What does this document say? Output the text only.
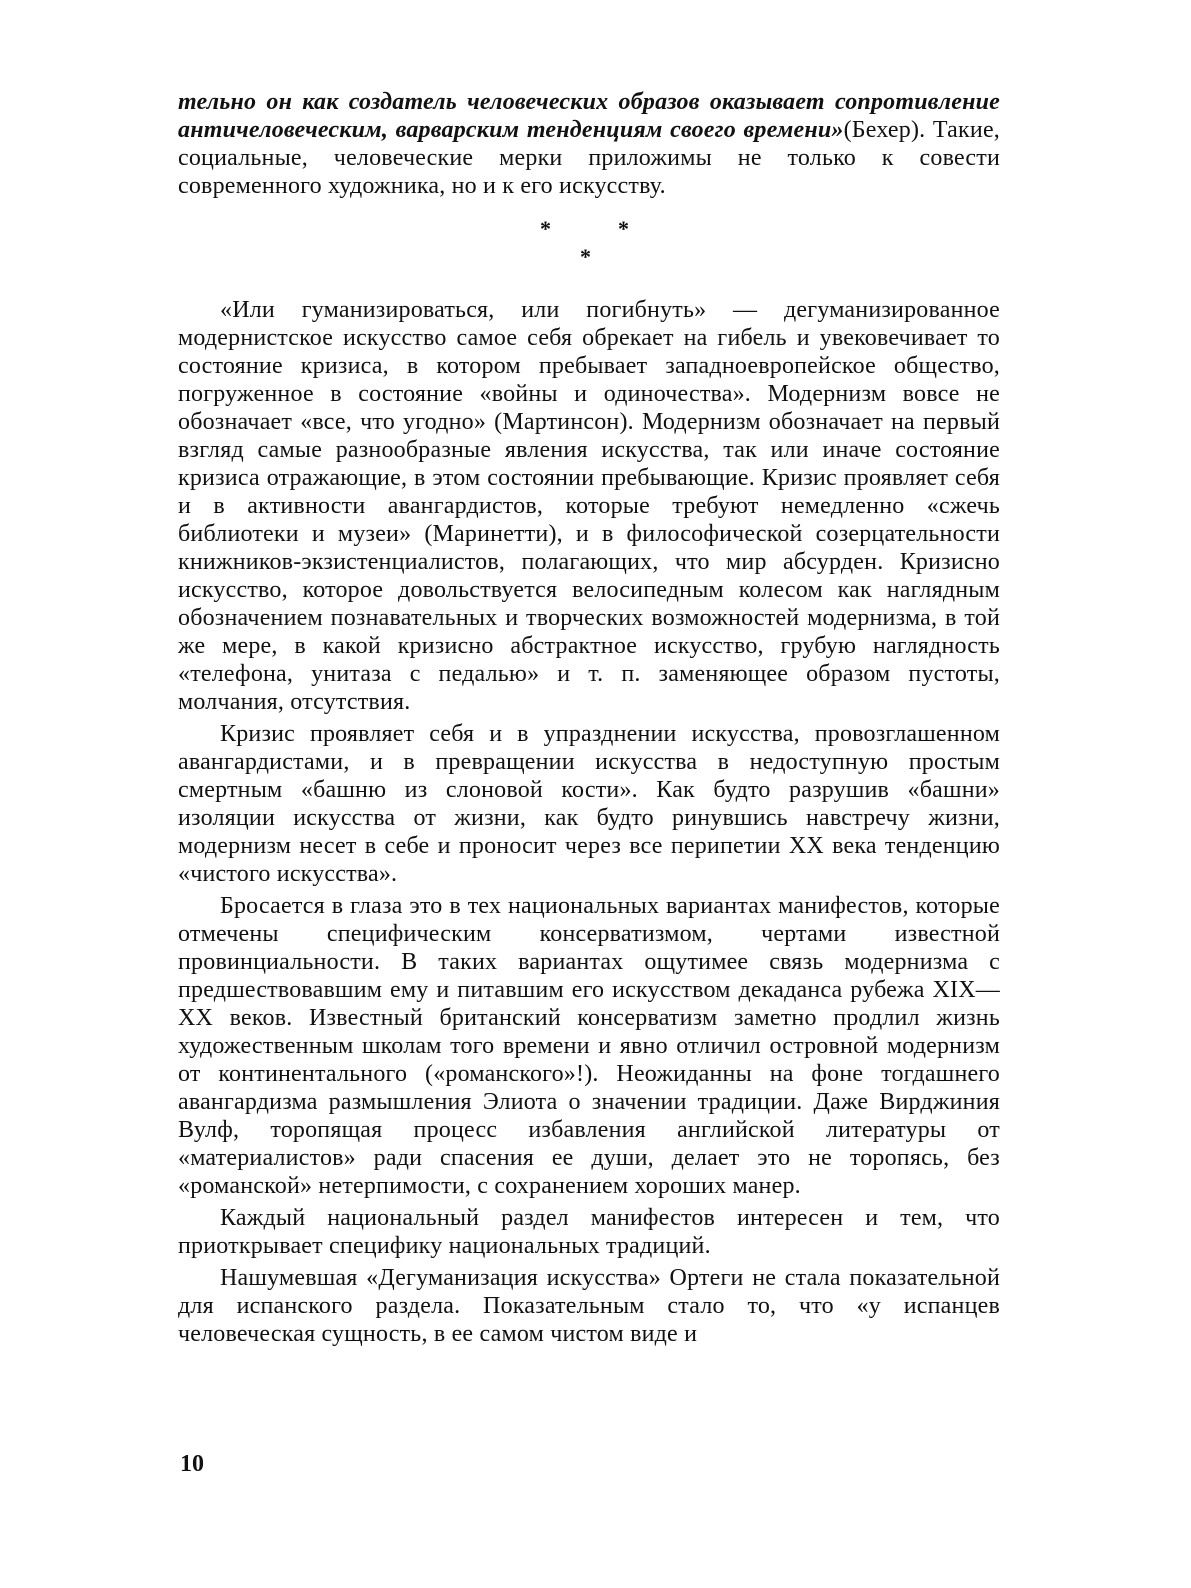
тельно он как создатель человеческих образов оказывает сопротивление античеловеческим, варварским тенденциям своего времени»(Бехер). Такие, социальные, человеческие мерки приложимы не только к совести современного художника, но и к его искусству.

*	*
*

«Или гуманизироваться, или погибнуть» — дегуманизированное модернистское искусство самое себя обрекает на гибель и увековечивает то состояние кризиса, в котором пребывает западноевропейское общество, погруженное в состояние «войны и одиночества». Модернизм вовсе не обозначает «все, что угодно» (Мартинсон). Модернизм обозначает на первый взгляд самые разнообразные явления искусства, так или иначе состояние кризиса отражающие, в этом состоянии пребывающие. Кризис проявляет себя и в активности авангардистов, которые требуют немедленно «сжечь библиотеки и музеи» (Маринетти), и в философической созерцательности книжников-экзистенциалистов, полагающих, что мир абсурден. Кризисно искусство, которое довольствуется велосипедным колесом как наглядным обозначением познавательных и творческих возможностей модернизма, в той же мере, в какой кризисно абстрактное искусство, грубую наглядность «телефона, унитаза с педалью» и т. п. заменяющее образом пустоты, молчания, отсутствия.

Кризис проявляет себя и в упразднении искусства, провозглашенном авангардистами, и в превращении искусства в недоступную простым смертным «башню из слоновой кости». Как будто разрушив «башни» изоляции искусства от жизни, как будто ринувшись навстречу жизни, модернизм несет в себе и проносит через все перипетии XX века тенденцию «чистого искусства».

Бросается в глаза это в тех национальных вариантах манифестов, которые отмечены специфическим консерватизмом, чертами известной провинциальности. В таких вариантах ощутимее связь модернизма с предшествовавшим ему и питавшим его искусством декаданса рубежа XIX—XX веков. Известный британский консерватизм заметно продлил жизнь художественным школам того времени и явно отличил островной модернизм от континентального («романского»!). Неожиданны на фоне тогдашнего авангардизма размышления Элиота о значении традиции. Даже Вирджиния Вулф, торопящая процесс избавления английской литературы от «материалистов» ради спасения ее души, делает это не торопясь, без «романской» нетерпимости, с сохранением хороших манер.

Каждый национальный раздел манифестов интересен и тем, что приоткрывает специфику национальных традиций.

Нашумевшая «Дегуманизация искусства» Ортеги не стала показательной для испанского раздела. Показательным стало то, что «у испанцев человеческая сущность, в ее самом чистом виде и

10
